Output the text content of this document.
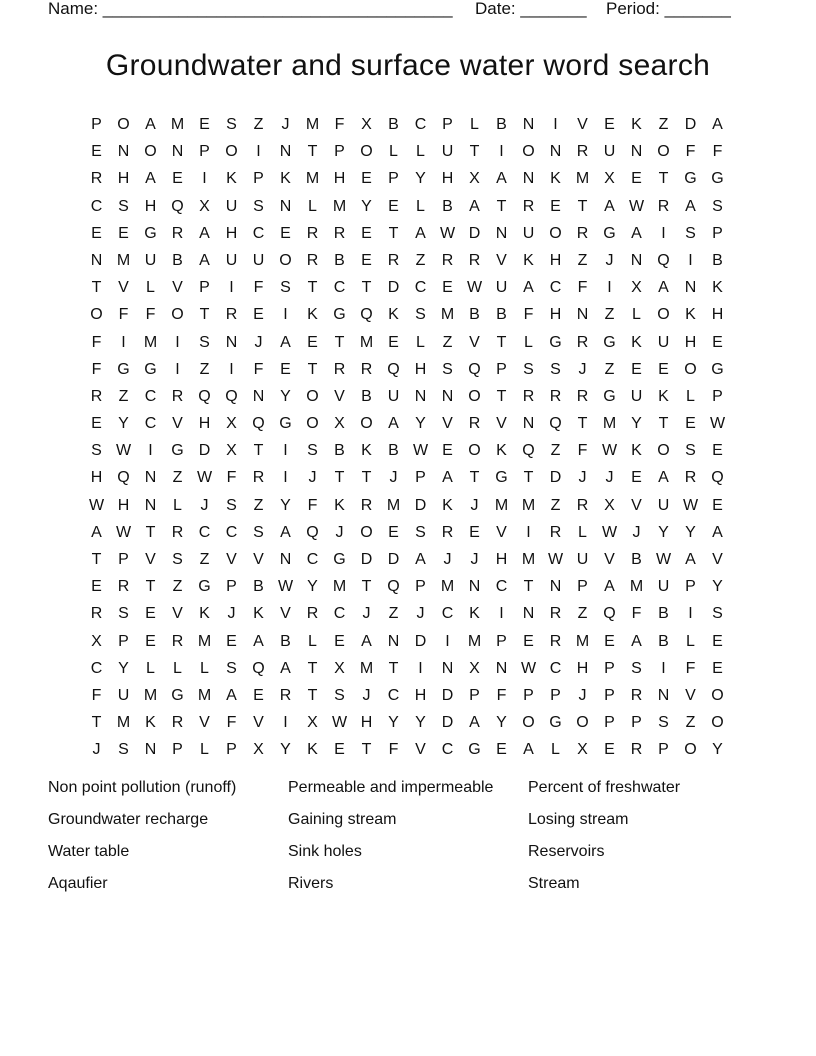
Name: _____________________________________ Date: _______ Period: _______
Groundwater and surface water word search
P O A M E	S	Z	J	M F	X	B C P	L	B N	I	V	E	K	Z	D A
E N O N P O	I	N	T	P O	L	L	U	T	I	O N R U N O F	F
R H A	E	I	K	P	K M H E	P	Y H X	A N K M X	E	T G G
C S H Q X U S N	L M Y	E	L	B	A	T	R E	T	A W R A	S
E	E G R A H C E R R E	T	A W D N U O R G A	I	S	P
N M U B	A U U O R B	E R	Z	R R V	K H	Z	J	N Q	I	B
T	V	L	V	P	I	F	S	T	C	T	D C E W U A C	F	I	X	A N K
O F	F O T	R E	I	K G Q K	S M B	B	F	H N	Z	L	O K H
F	I	M	I	S N	J	A	E	T M E	L	Z	V	T	L	G R G K U H E
F G G	I	Z	I	F	E	T	R R Q H S Q P	S	S	J	Z	E	E O G
R	Z	C R Q Q N Y O V	B U N N O T	R R R G U K	L	P
E	Y C V H X Q G O X O A	Y	V R V N Q T M Y	T	E W
S W	I	G D X	T	I	S	B	K	B W E O K Q Z	F W K O S	E
H Q N	Z W F	R	I	J	T	T	J	P	A	T G T	D	J	J	E	A R Q
W H N	L	J	S	Z	Y	F	K R M D K	J	M M Z	R X	V U W E
A W T	R C C S	A Q	J	O E	S R E	V	I	R	L W J	Y	Y	A
T	P	V	S	Z	V	V N C G D D A	J	J	H M W U V	B W A	V
E R	T	Z G P	B W Y M T Q P M N C	T	N P	A M U P	Y
R S	E	V	K	J	K	V R C	J	Z	J	C K	I	N R	Z Q F	B	I	S
X	P	E R M E	A	B	L	E	A N D	I	M P	E R M E	A	B	L	E
C Y	L	L	L	S Q A	T	X M T	I	N X N W C H P	S	I	F	E
F	U M G M A	E R	T	S	J	C H D P	F	P	P	J	P R N V O
T M K R V	F	V	I	X W H Y	Y D A	Y O G O P	P	S	Z O
J	S N P	L	P	X	Y	K	E	T	F	V C G E	A	L	X	E R P O Y
Non point pollution (runoff)	Permeable and impermeable	Percent of freshwater
Groundwater recharge	Gaining stream	Losing stream
Water table	Sink holes	Reservoirs
Aqaufier	Rivers	Stream
